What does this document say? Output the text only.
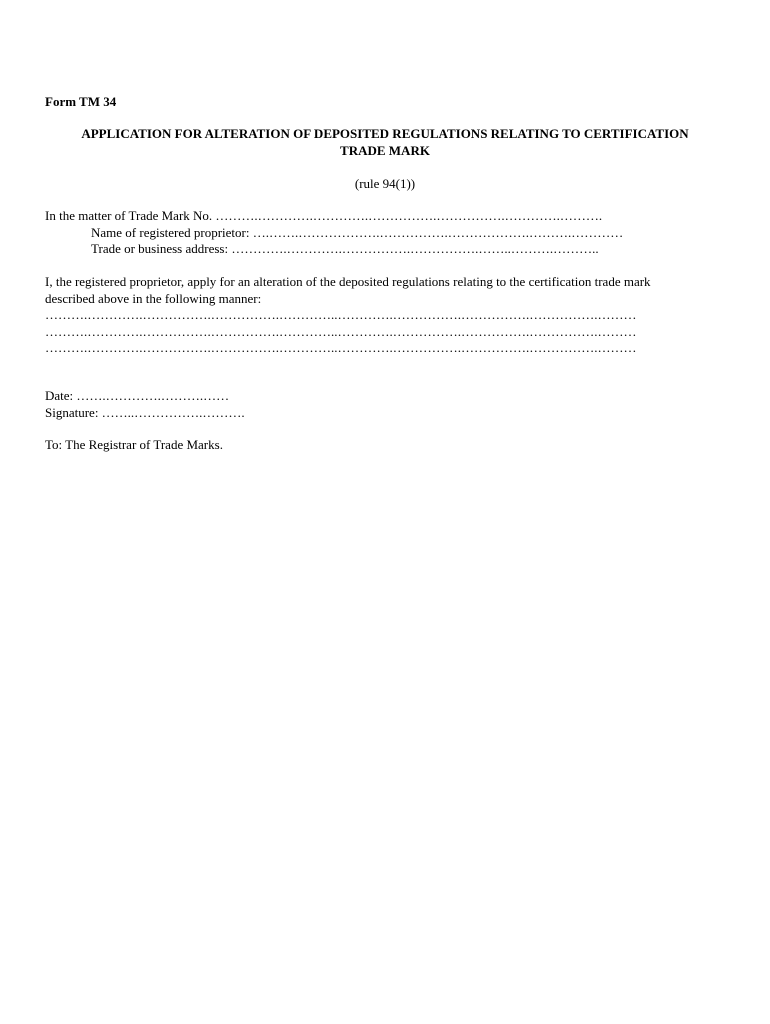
Form TM 34
APPLICATION FOR ALTERATION OF DEPOSITED REGULATIONS RELATING TO CERTIFICATION
TRADE MARK
(rule 94(1))
In the matter of Trade Mark No. ……….………….………….…………….…………….………….……….
Name of registered proprietor: ….…….……………….…………….……………….……….…………
Trade or business address: ………….………….…………….…………….……..……….………..
I, the registered proprietor, apply for an alteration of the deposited regulations relating to the certification trade mark
described above in the following manner:
……….………….…………….…………….…………..………….…………….…………….…………….………
……….………….…………….…………….…………..………….…………….…………….…………….………
……….………….…………….…………….…………..………….…………….…………….…………….………
Date: …….………….……….……
Signature: ……..…………….……….
To: The Registrar of Trade Marks.
